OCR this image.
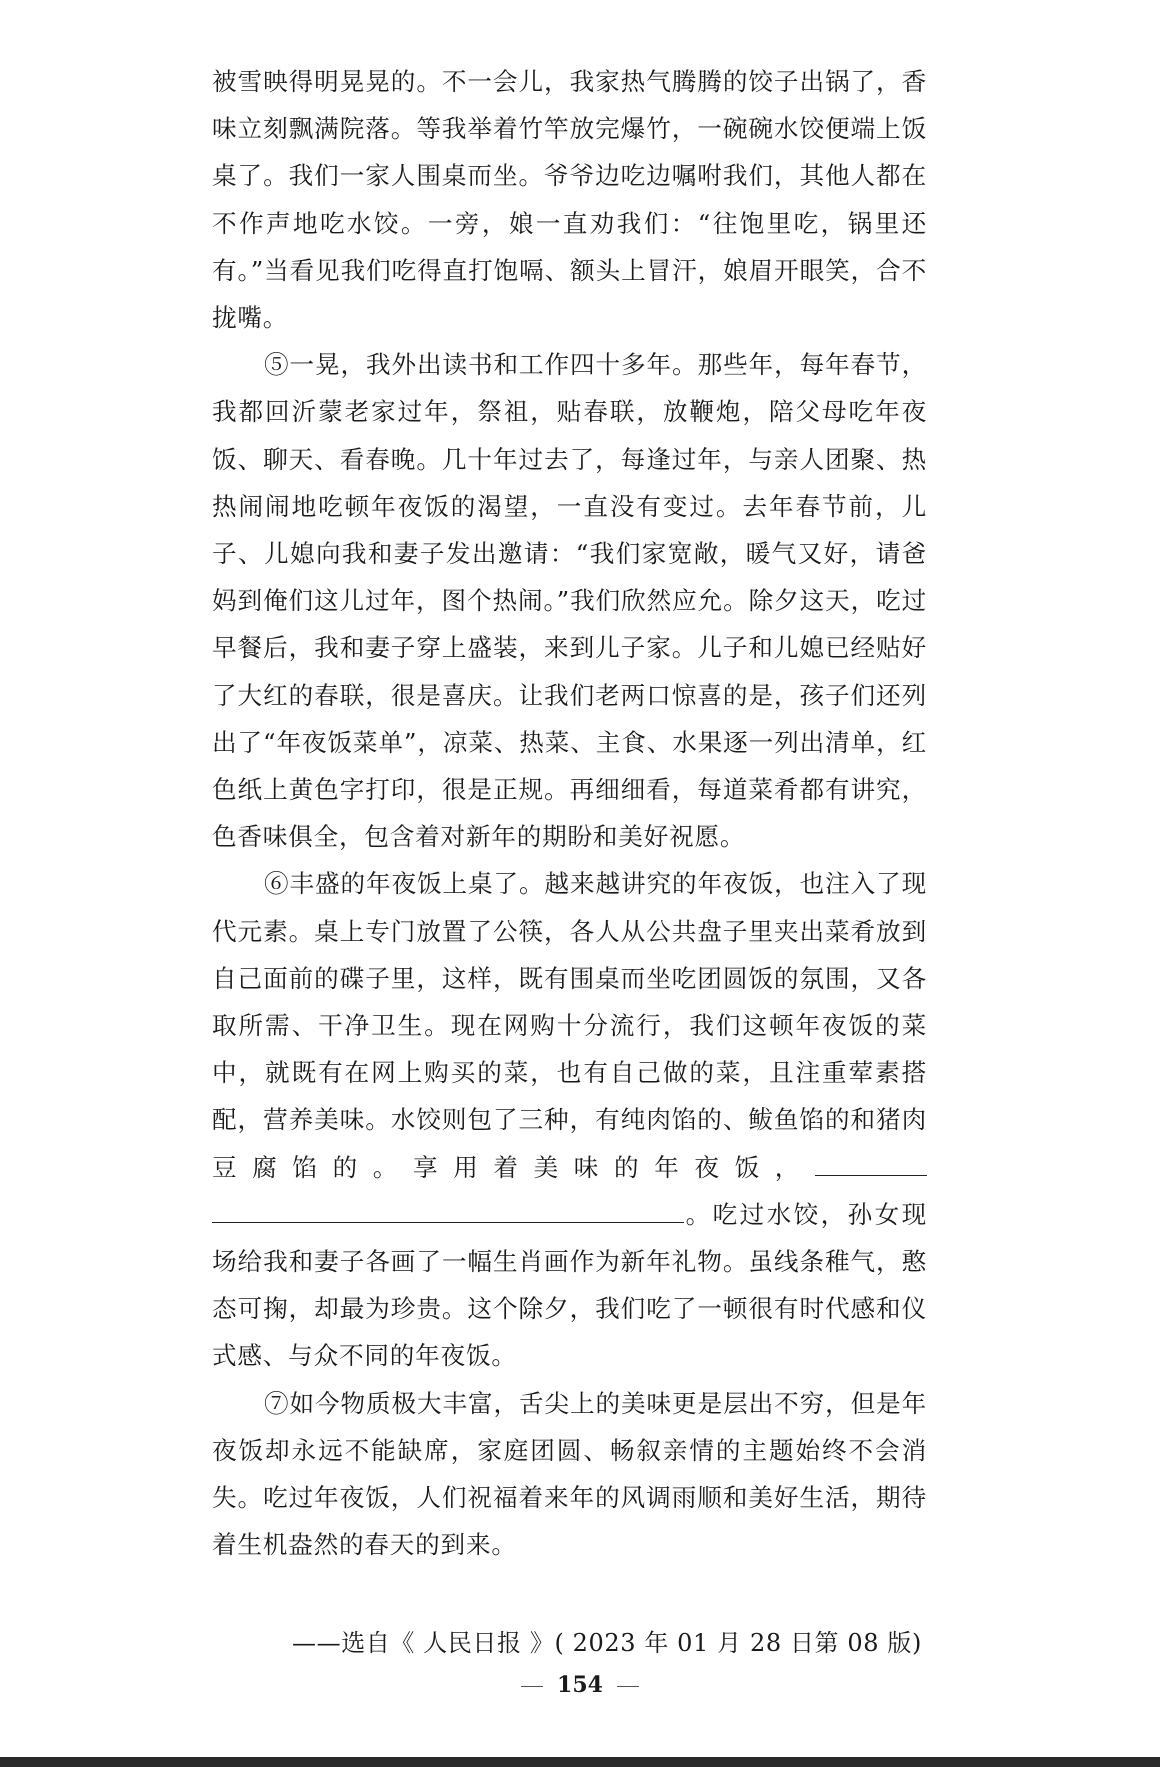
被雪映得明晃晃的。不一会儿，我家热气腾腾的饺子出锅了，香味立刻飘满院落。等我举着竹竿放完爆竹，一碗碗水饺便端上饭桌了。我们一家人围桌而坐。爷爷边吃边嘱咐我们，其他人都在不作声地吃水饺。一旁，娘一直劝我们：“往饱里吃，锅里还有。”当看见我们吃得直打饱嗝、额头上冒汗，娘眉开眼笑，合不拢嘴。

⑤一晃，我外出读书和工作四十多年。那些年，每年春节，我都回沂蒙老家过年，祭祖，贴春联，放鞭炮，陪父母吃年夜饭、聊天、看春晚。几十年过去了，每逢过年，与亲人团聚、热热闹闹地吃顿年夜饭的渴望，一直没有变过。去年春节前，儿子、儿媳向我和妻子发出邀请：“我们家宽敞，暖气又好，请爸妈到俺们这儿过年，图个热闹。”我们欣然应允。除夕这天，吃过早餐后，我和妻子穿上盛装，来到儿子家。儿子和儿媳已经贴好了大红的春联，很是喜庆。让我们老两口惊喜的是，孩子们还列出了“年夜饭菜单”，凉菜、热菜、主食、水果逐一列出清单，红色纸上黄色字打印，很是正规。再细细看，每道菜肴都有讲究，色香味俱全，包含着对新年的期盼和美好祝愿。

⑥丰盛的年夜饭上桌了。越来越讲究的年夜饭，也注入了现代元素。桌上专门放置了公筷，各人从公共盘子里夹出菜肴放到自己面前的碟子里，这样，既有围桌而坐吃团圆饭的氛围，又各取所需、干净卫生。现在网购十分流行，我们这顿年夜饭的菜中，就既有在网上购买的菜，也有自己做的菜，且注重荤素搭配，营养美味。水饺则包了三种，有纯肉馅的、鲅鱼馅的和猪肉豆腐馅的。享用着美味的年夜饭，。吃过水饺，孙女现场给我和妻子各画了一幅生肖画作为新年礼物。虽线条稚气，憨态可掬，却最为珍贵。这个除夕，我们吃了一顿很有时代感和仪式感、与众不同的年夜饭。

⑦如今物质极大丰富，舌尖上的美味更是层出不穷，但是年夜饭却永远不能缺席，家庭团圆、畅叙亲情的主题始终不会消失。吃过年夜饭，人们祝福着来年的风调雨顺和美好生活，期待着生机盎然的春天的到来。

——选自《 人民日报 》( 2023 年 01 月 28 日第 08 版)
154
